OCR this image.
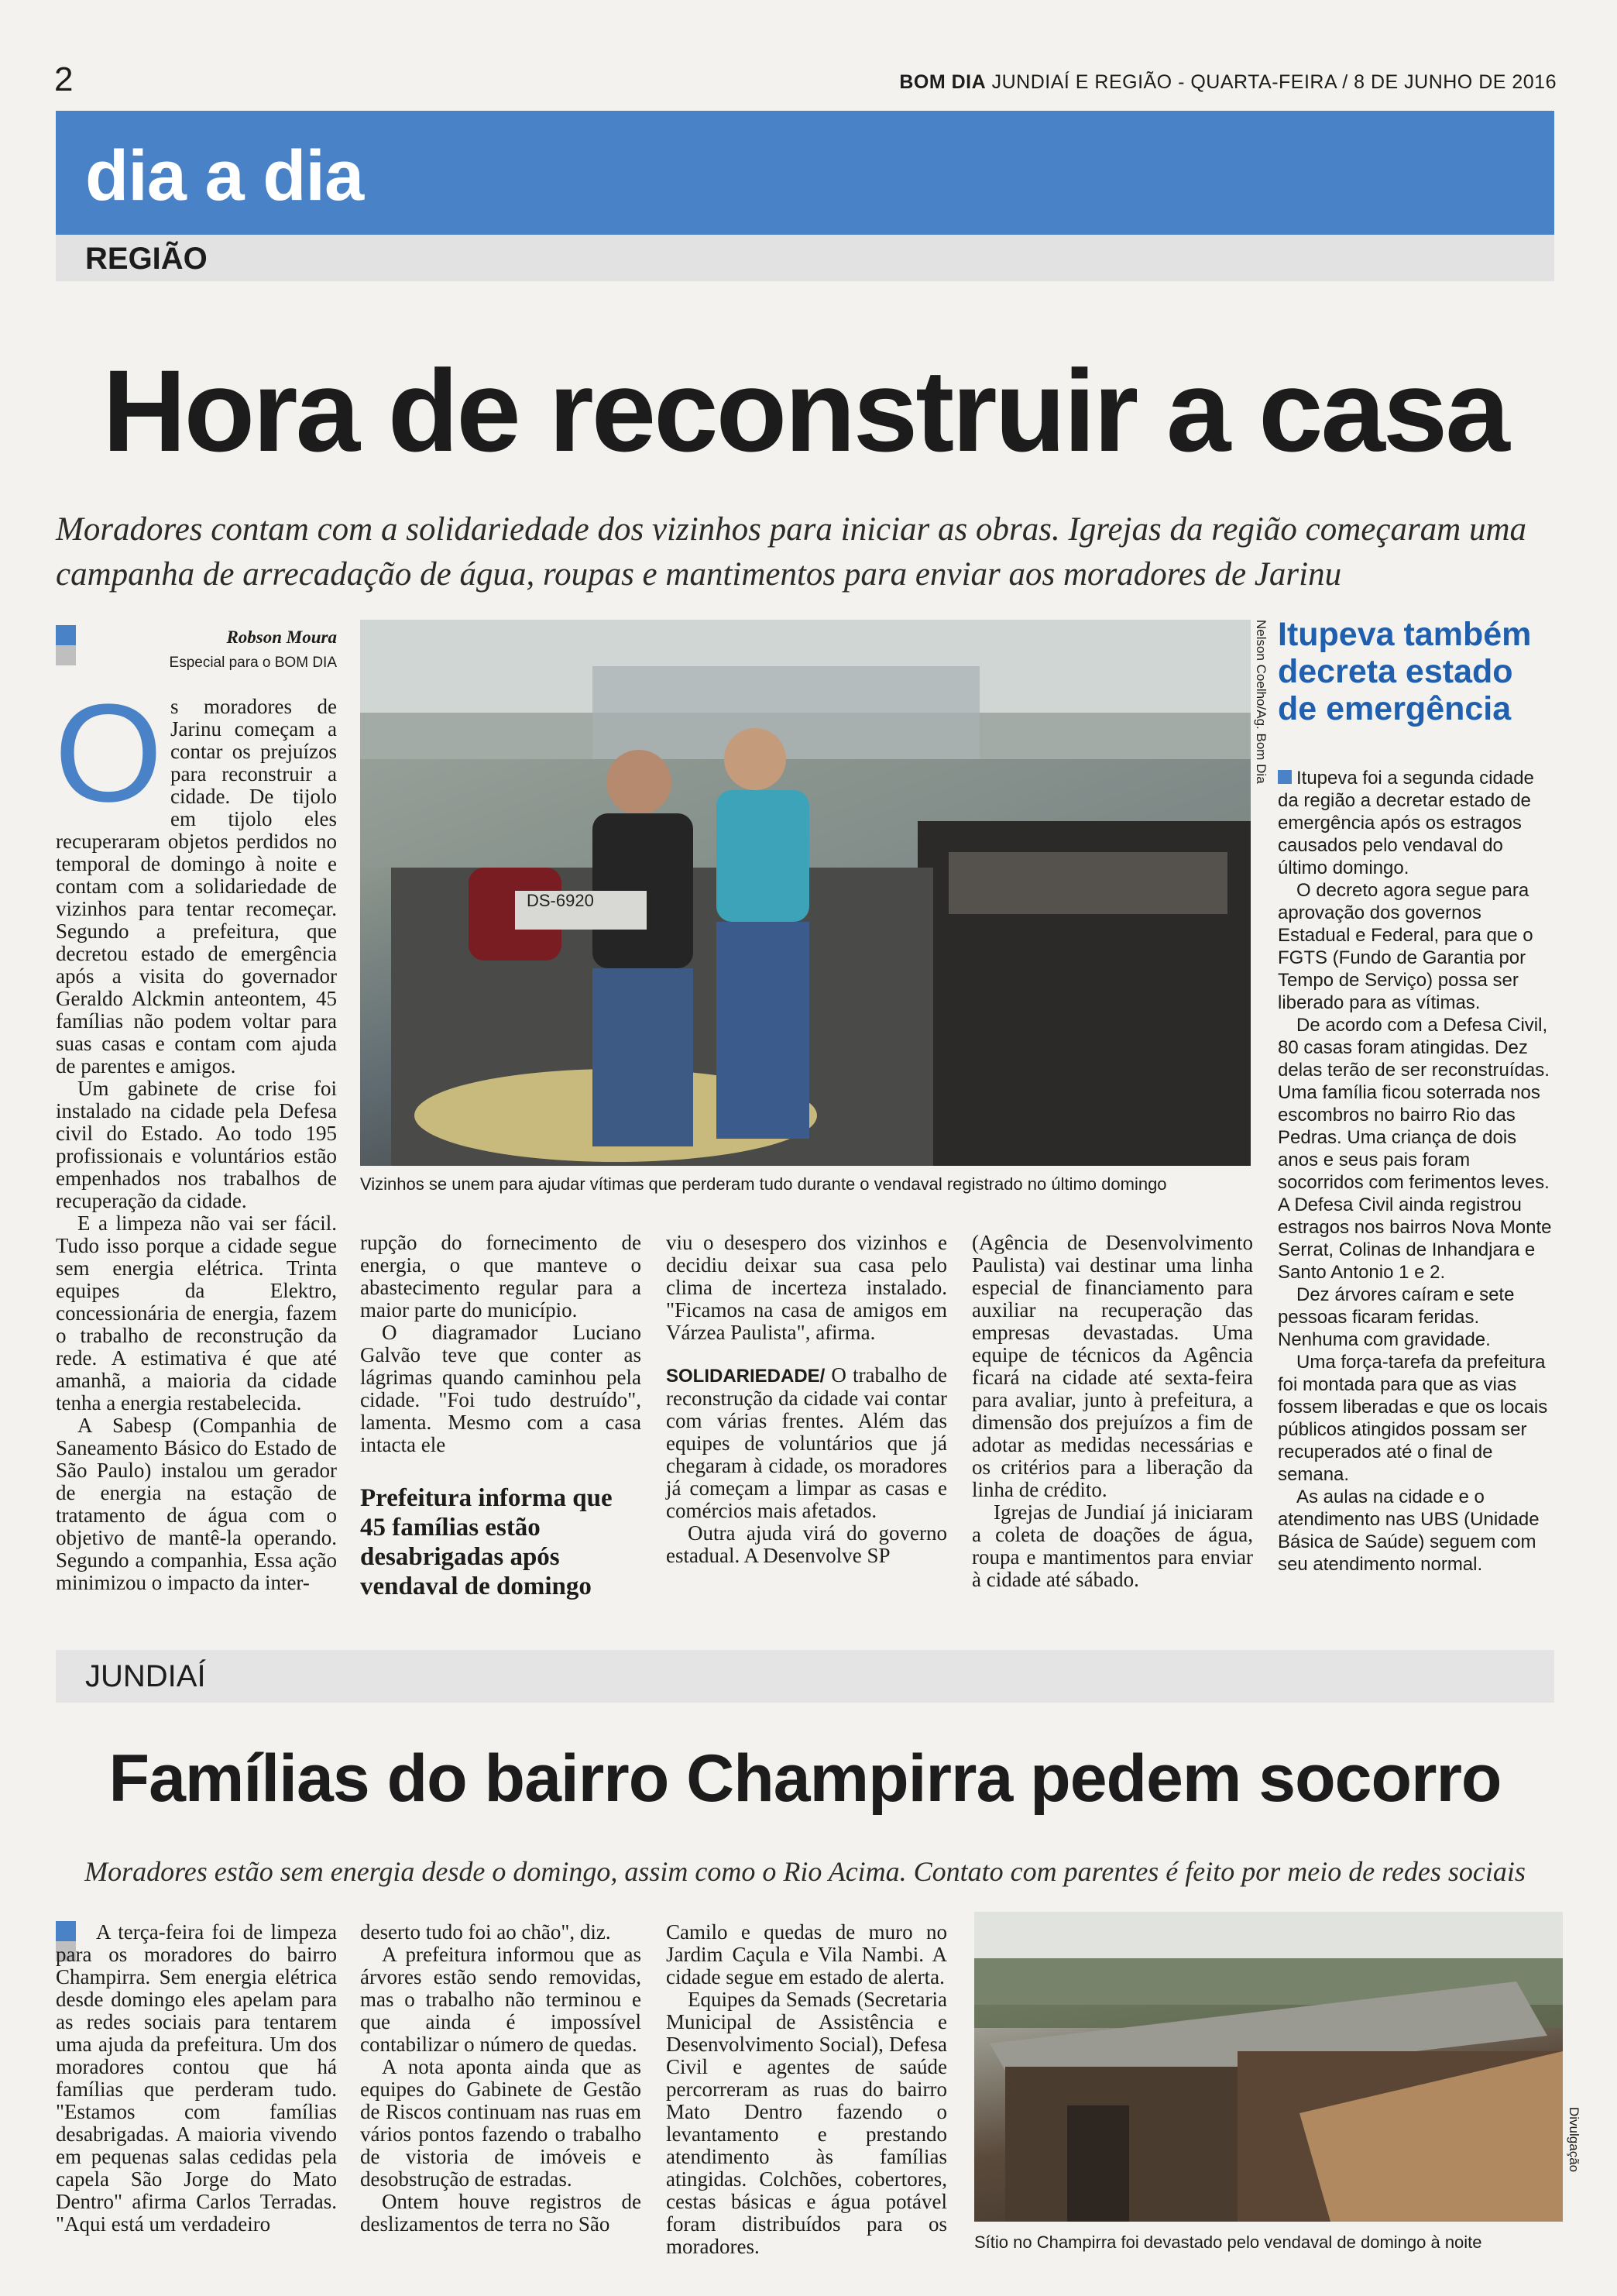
2	BOM DIA JUNDIAÍ E REGIÃO - QUARTA-FEIRA / 8 DE JUNHO DE 2016
dia a dia
REGIÃO
Hora de reconstruir a casa
Moradores contam com a solidariedade dos vizinhos para iniciar as obras. Igrejas da região começaram uma campanha de arrecadação de água, roupas e mantimentos para enviar aos moradores de Jarinu
Robson Moura
Especial para o BOM DIA

Os moradores de Jarinu começam a contar os prejuízos para reconstruir a cidade. De tijolo em tijolo eles recuperaram objetos perdidos no temporal de domingo à noite e contam com a solidariedade de vizinhos para tentar recomeçar. Segundo a prefeitura, que decretou estado de emergência após a visita do governador Geraldo Alckmin anteontem, 45 famílias não podem voltar para suas casas e contam com ajuda de parentes e amigos.

Um gabinete de crise foi instalado na cidade pela Defesa civil do Estado. Ao todo 195 profissionais e voluntários estão empenhados nos trabalhos de recuperação da cidade.

E a limpeza não vai ser fácil. Tudo isso porque a cidade segue sem energia elétrica. Trinta equipes da Elektro, concessionária de energia, fazem o trabalho de reconstrução da rede. A estimativa é que até amanhã, a maioria da cidade tenha a energia restabelecida.

A Sabesp (Companhia de Saneamento Básico do Estado de São Paulo) instalou um gerador de energia na estação de tratamento de água com o objetivo de mantê-la operando. Segundo a companhia, Essa ação minimizou o impacto da inter-

DS-6920
Nelson Coelho/Ag. Bom Dia
Vizinhos se unem para ajudar vítimas que perderam tudo durante o vendaval registrado no último domingo

rupção do fornecimento de energia, o que manteve o abastecimento regular para a maior parte do município.

O diagramador Luciano Galvão teve que conter as lágrimas quando caminhou pela cidade. "Foi tudo destruído", lamenta. Mesmo com a casa intacta ele

Prefeitura informa que 45 famílias estão desabrigadas após vendaval de domingo

viu o desespero dos vizinhos e decidiu deixar sua casa pelo clima de incerteza instalado. "Ficamos na casa de amigos em Várzea Paulista", afirma.

SOLIDARIEDADE/ O trabalho de reconstrução da cidade vai contar com várias frentes. Além das equipes de voluntários que já chegaram à cidade, os moradores já começam a limpar as casas e comércios mais afetados.

Outra ajuda virá do governo estadual. A Desenvolve SP

(Agência de Desenvolvimento Paulista) vai destinar uma linha especial de financiamento para auxiliar na recuperação das empresas devastadas. Uma equipe de técnicos da Agência ficará na cidade até sexta-feira para avaliar, junto à prefeitura, a dimensão dos prejuízos a fim de adotar as medidas necessárias e os critérios para a liberação da linha de crédito.

Igrejas de Jundiaí já iniciaram a coleta de doações de água, roupa e mantimentos para enviar à cidade até sábado.

Itupeva também decreta estado de emergência

Itupeva foi a segunda cidade da região a decretar estado de emergência após os estragos causados pelo vendaval do último domingo.

O decreto agora segue para aprovação dos governos Estadual e Federal, para que o FGTS (Fundo de Garantia por Tempo de Serviço) possa ser liberado para as vítimas.

De acordo com a Defesa Civil, 80 casas foram atingidas. Dez delas terão de ser reconstruídas. Uma família ficou soterrada nos escombros no bairro Rio das Pedras. Uma criança de dois anos e seus pais foram socorridos com ferimentos leves. A Defesa Civil ainda registrou estragos nos bairros Nova Monte Serrat, Colinas de Inhandjara e Santo Antonio 1 e 2.

Dez árvores caíram e sete pessoas ficaram feridas. Nenhuma com gravidade.

Uma força-tarefa da prefeitura foi montada para que as vias fossem liberadas e que os locais públicos atingidos possam ser recuperados até o final de semana.

As aulas na cidade e o atendimento nas UBS (Unidade Básica de Saúde) seguem com seu atendimento normal.

JUNDIAÍ
Famílias do bairro Champirra pedem socorro
Moradores estão sem energia desde o domingo, assim como o Rio Acima. Contato com parentes é feito por meio de redes sociais

A terça-feira foi de limpeza para os moradores do bairro Champirra. Sem energia elétrica desde domingo eles apelam para as redes sociais para tentarem uma ajuda da prefeitura. Um dos moradores contou que há famílias que perderam tudo. "Estamos com famílias desabrigadas. A maioria vivendo em pequenas salas cedidas pela capela São Jorge do Mato Dentro" afirma Carlos Terradas. "Aqui está um verdadeiro

deserto tudo foi ao chão", diz.

A prefeitura informou que as árvores estão sendo removidas, mas o trabalho não terminou e que ainda é impossível contabilizar o número de quedas.

A nota aponta ainda que as equipes do Gabinete de Gestão de Riscos continuam nas ruas em vários pontos fazendo o trabalho de vistoria de imóveis e desobstrução de estradas.

Ontem houve registros de deslizamentos de terra no São

Camilo e quedas de muro no Jardim Caçula e Vila Nambi. A cidade segue em estado de alerta.

Equipes da Semads (Secretaria Municipal de Assistência e Desenvolvimento Social), Defesa Civil e agentes de saúde percorreram as ruas do bairro Mato Dentro fazendo o levantamento e prestando atendimento às famílias atingidas. Colchões, cobertores, cestas básicas e água potável foram distribuídos para os moradores.

Divulgação
Sítio no Champirra foi devastado pelo vendaval de domingo à noite
